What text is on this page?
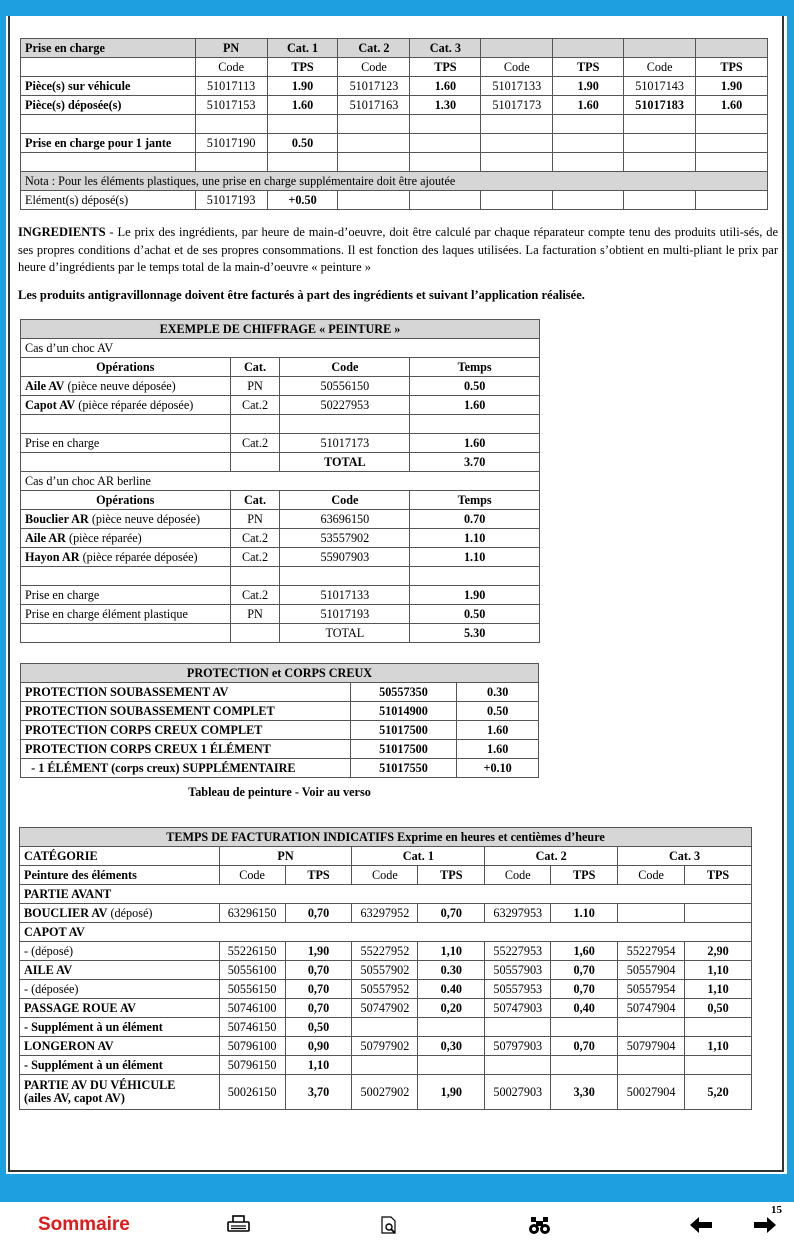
Prise en charge	PN	Cat. 1	Cat. 2	Cat. 3				
	Code	TPS	Code	TPS	Code	TPS	Code	TPS
Pièce(s) sur véhicule	51017113	1.90	51017123	1.60	51017133	1.90	51017143	1.90
Pièce(s) déposée(s)	51017153	1.60	51017163	1.30	51017173	1.60	51017183	1.60

Prise en charge pour 1 jante	51017190	0.50						

Nota : Pour les éléments plastiques, une prise en charge supplémentaire doit être ajoutée								
Elément(s) déposé(s)	51017193	+0.50						
INGREDIENTS - Le prix des ingrédients, par heure de main-d’oeuvre, doit être calculé par chaque réparateur compte tenu des produits utili-sés, de ses propres conditions d’achat et de ses propres consommations. Il est fonction des laques utilisées. La facturation s’obtient en multi-pliant le prix par heure d’ingrédients par le temps total de la main-d’oeuvre « peinture »
Les produits antigravillonnage doivent être facturés à part des ingrédients et suivant l’application réalisée.
EXEMPLE DE CHIFFRAGE « PEINTURE »			
Cas d’un choc AV			
Opérations	Cat.	Code	Temps
Aile AV (pièce neuve déposée)	PN	50556150	0.50
Capot AV (pièce réparée déposée)	Cat.2	50227953	1.60

Prise en charge	Cat.2	51017173	1.60
		TOTAL	3.70
Cas d’un choc AR berline			
Opérations	Cat.	Code	Temps
Bouclier AR (pièce neuve déposée)	PN	63696150	0.70
Aile AR (pièce réparée)	Cat.2	53557902	1.10
Hayon AR (pièce réparée déposée)	Cat.2	55907903	1.10

Prise en charge	Cat.2	51017133	1.90
Prise en charge élément plastique	PN	51017193	0.50
		TOTAL	5.30
PROTECTION et CORPS CREUX		
PROTECTION SOUBASSEMENT AV	50557350	0.30
PROTECTION SOUBASSEMENT COMPLET	51014900	0.50
PROTECTION CORPS CREUX COMPLET	51017500	1.60
PROTECTION CORPS CREUX 1 ÉLÉMENT	51017500	1.60
- 1 ÉLÉMENT (corps creux) SUPPLÉMENTAIRE	51017550	+0.10
Tableau de peinture - Voir au verso
TEMPS DE FACTURATION INDICATIFS Exprime en heures et centièmes d’heure								
CATÉGORIE	PN		Cat. 1		Cat. 2		Cat. 3	
Peinture des éléments	Code	TPS	Code	TPS	Code	TPS	Code	TPS
PARTIE AVANT								
BOUCLIER AV (déposé)	63296150	0,70	63297952	0,70	63297953	1.10		
CAPOT AV								
- (déposé)	55226150	1,90	55227952	1,10	55227953	1,60	55227954	2,90
AILE AV	50556100	0,70	50557902	0.30	50557903	0,70	50557904	1,10
- (déposée)	50556150	0,70	50557952	0.40	50557953	0,70	50557954	1,10
PASSAGE ROUE AV	50746100	0,70	50747902	0,20	50747903	0,40	50747904	0,50
- Supplément à un élément	50746150	0,50						
LONGERON AV	50796100	0,90	50797902	0,30	50797903	0,70	50797904	1,10
- Supplément à un élément	50796150	1,10						
PARTIE AV DU VÉHICULE
(ailes AV, capot AV)	50026150	3,70	50027902	1,90	50027903	3,30	50027904	5,20
Sommaire
15
